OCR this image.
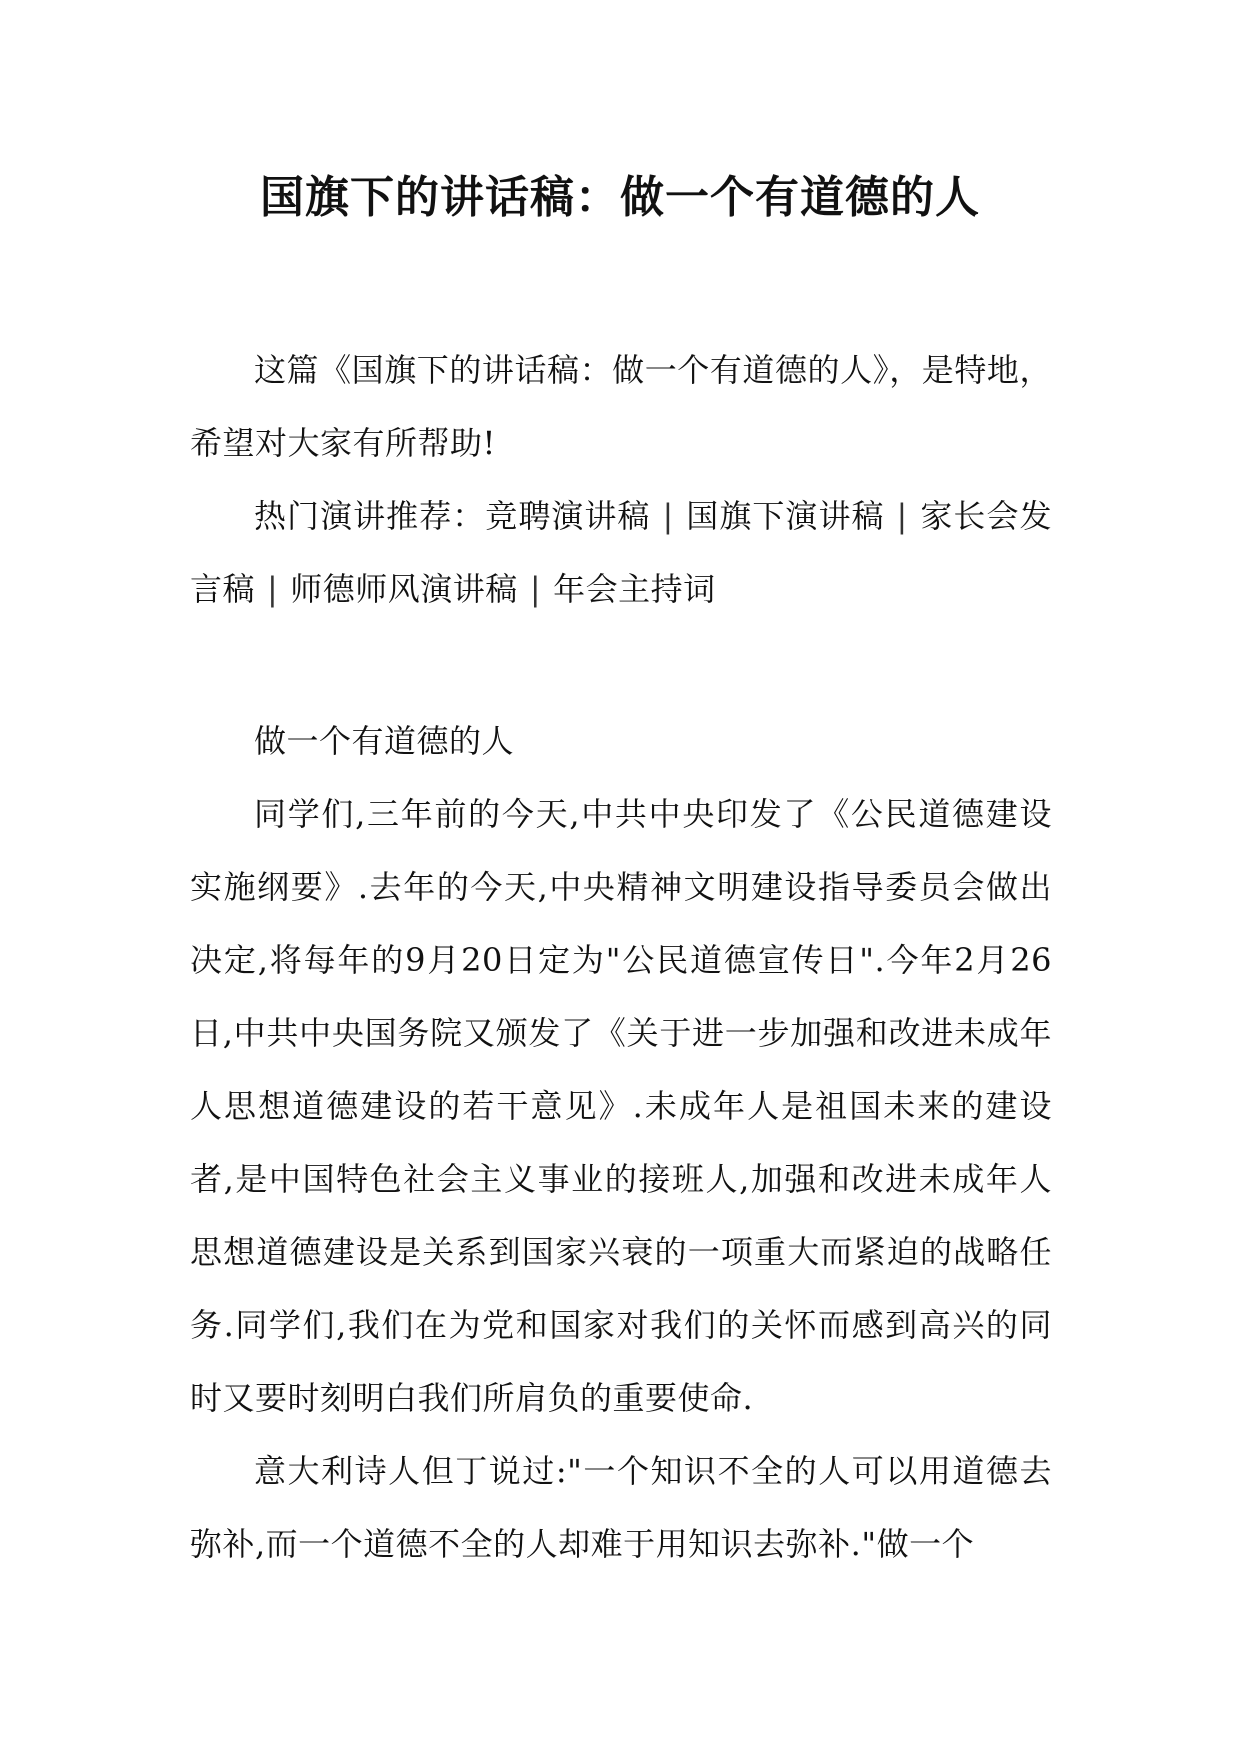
国旗下的讲话稿：做一个有道德的人

这篇《国旗下的讲话稿：做一个有道德的人》，是特地，希望对大家有所帮助!

热门演讲推荐：竞聘演讲稿 | 国旗下演讲稿 | 家长会发言稿 | 师德师风演讲稿 | 年会主持词

做一个有道德的人

同学们,三年前的今天,中共中央印发了《公民道德建设实施纲要》.去年的今天,中央精神文明建设指导委员会做出决定,将每年的9月20日定为"公民道德宣传日".今年2月26日,中共中央国务院又颁发了《关于进一步加强和改进未成年人思想道德建设的若干意见》.未成年人是祖国未来的建设者,是中国特色社会主义事业的接班人,加强和改进未成年人思想道德建设是关系到国家兴衰的一项重大而紧迫的战略任务.同学们,我们在为党和国家对我们的关怀而感到高兴的同时又要时刻明白我们所肩负的重要使命.

意大利诗人但丁说过:"一个知识不全的人可以用道德去弥补,而一个道德不全的人却难于用知识去弥补."做一个
